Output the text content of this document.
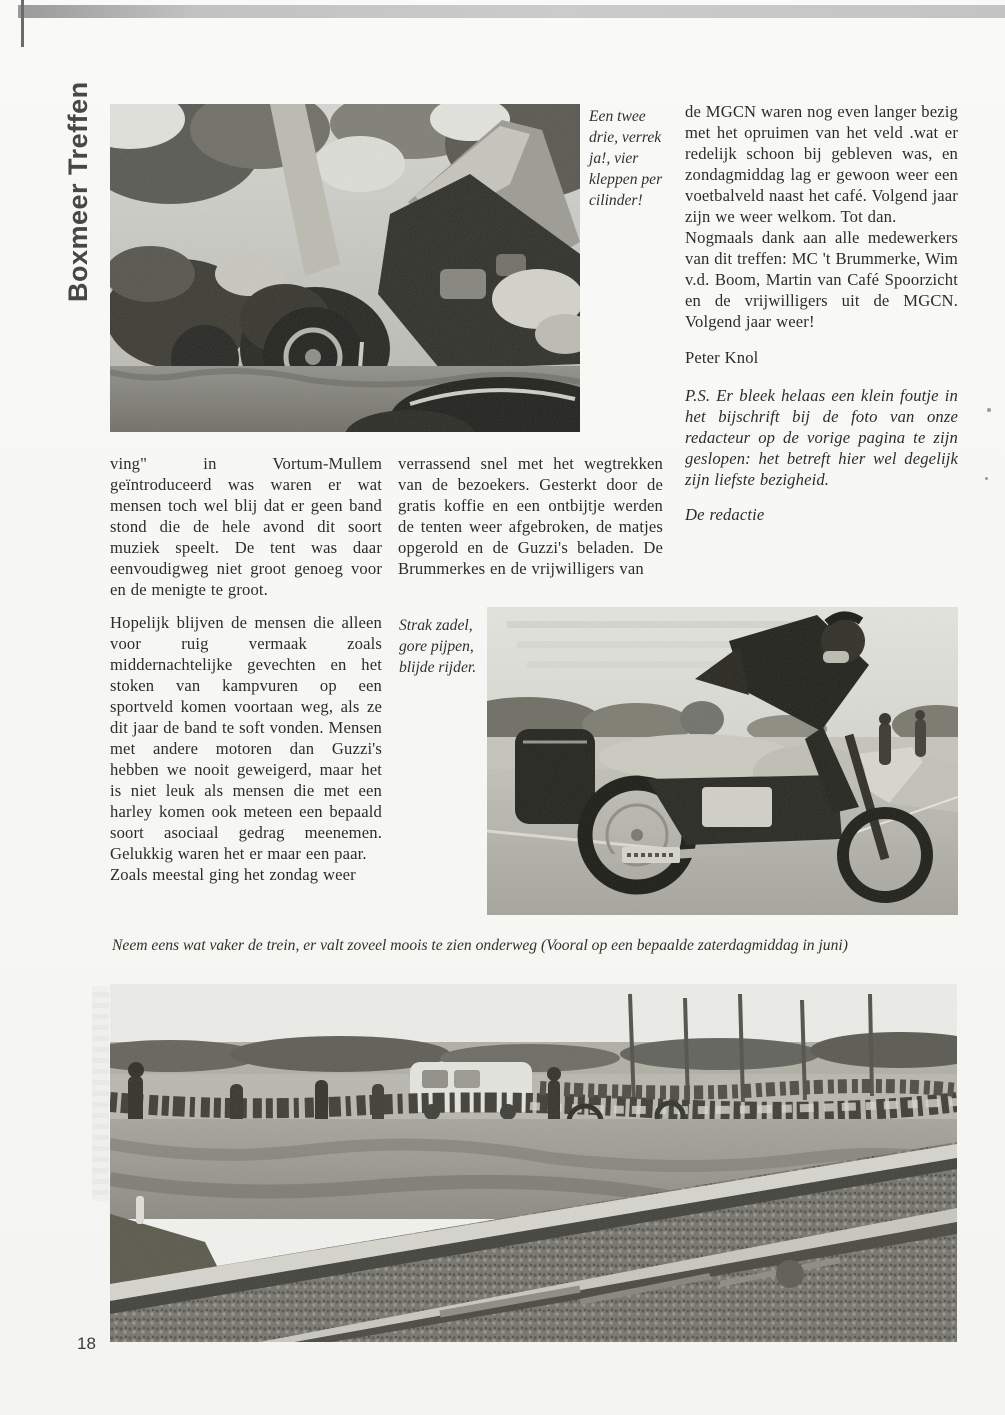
Boxmeer Treffen	Een twee drie, verrek ja!, vier kleppen per cilinder!

de MGCN waren nog even langer bezig met het opruimen van het veld .wat er redelijk schoon bij gebleven was, en zondagmiddag lag er gewoon weer een voetbalveld naast het café. Volgend jaar zijn we weer welkom. Tot dan.

Nogmaals dank aan alle medewerkers van dit treffen: MC 't Brummerke, Wim v.d. Boom, Martin van Café Spoorzicht en de vrijwilligers uit de MGCN. Volgend jaar weer!

Peter Knol

P.S. Er bleek helaas een klein foutje in het bijschrift bij de foto van onze redacteur op de vorige pagina te zijn geslopen: het betreft hier wel degelijk zijn liefste bezigheid.

De redactie

ving" in Vortum-Mullem geïntroduceerd was waren er wat mensen toch wel blij dat er geen band stond die de hele avond dit soort muziek speelt. De tent was daar eenvoudigweg niet groot genoeg voor en de menigte te groot.

verrassend snel met het wegtrekken van de bezoekers. Gesterkt door de gratis koffie en een ontbijtje werden de tenten weer afgebroken, de matjes opgerold en de Guzzi's beladen. De Brummerkes en de vrijwilligers van

Hopelijk blijven de mensen die alleen voor ruig vermaak zoals middernachtelijke gevechten en het stoken van kampvuren op een sportveld komen voortaan weg, als ze dit jaar de band te soft vonden. Mensen met andere motoren dan Guzzi's hebben we nooit geweigerd, maar het is niet leuk als mensen die met een harley komen ook meteen een bepaald soort asociaal gedrag meenemen. Gelukkig waren het er maar een paar.

Zoals meestal ging het zondag weer

Strak zadel, gore pijpen, blijde rijder.
Neem eens wat vaker de trein, er valt zoveel moois te zien onderweg (Vooral op een bepaalde zaterdagmiddag in juni)
18
